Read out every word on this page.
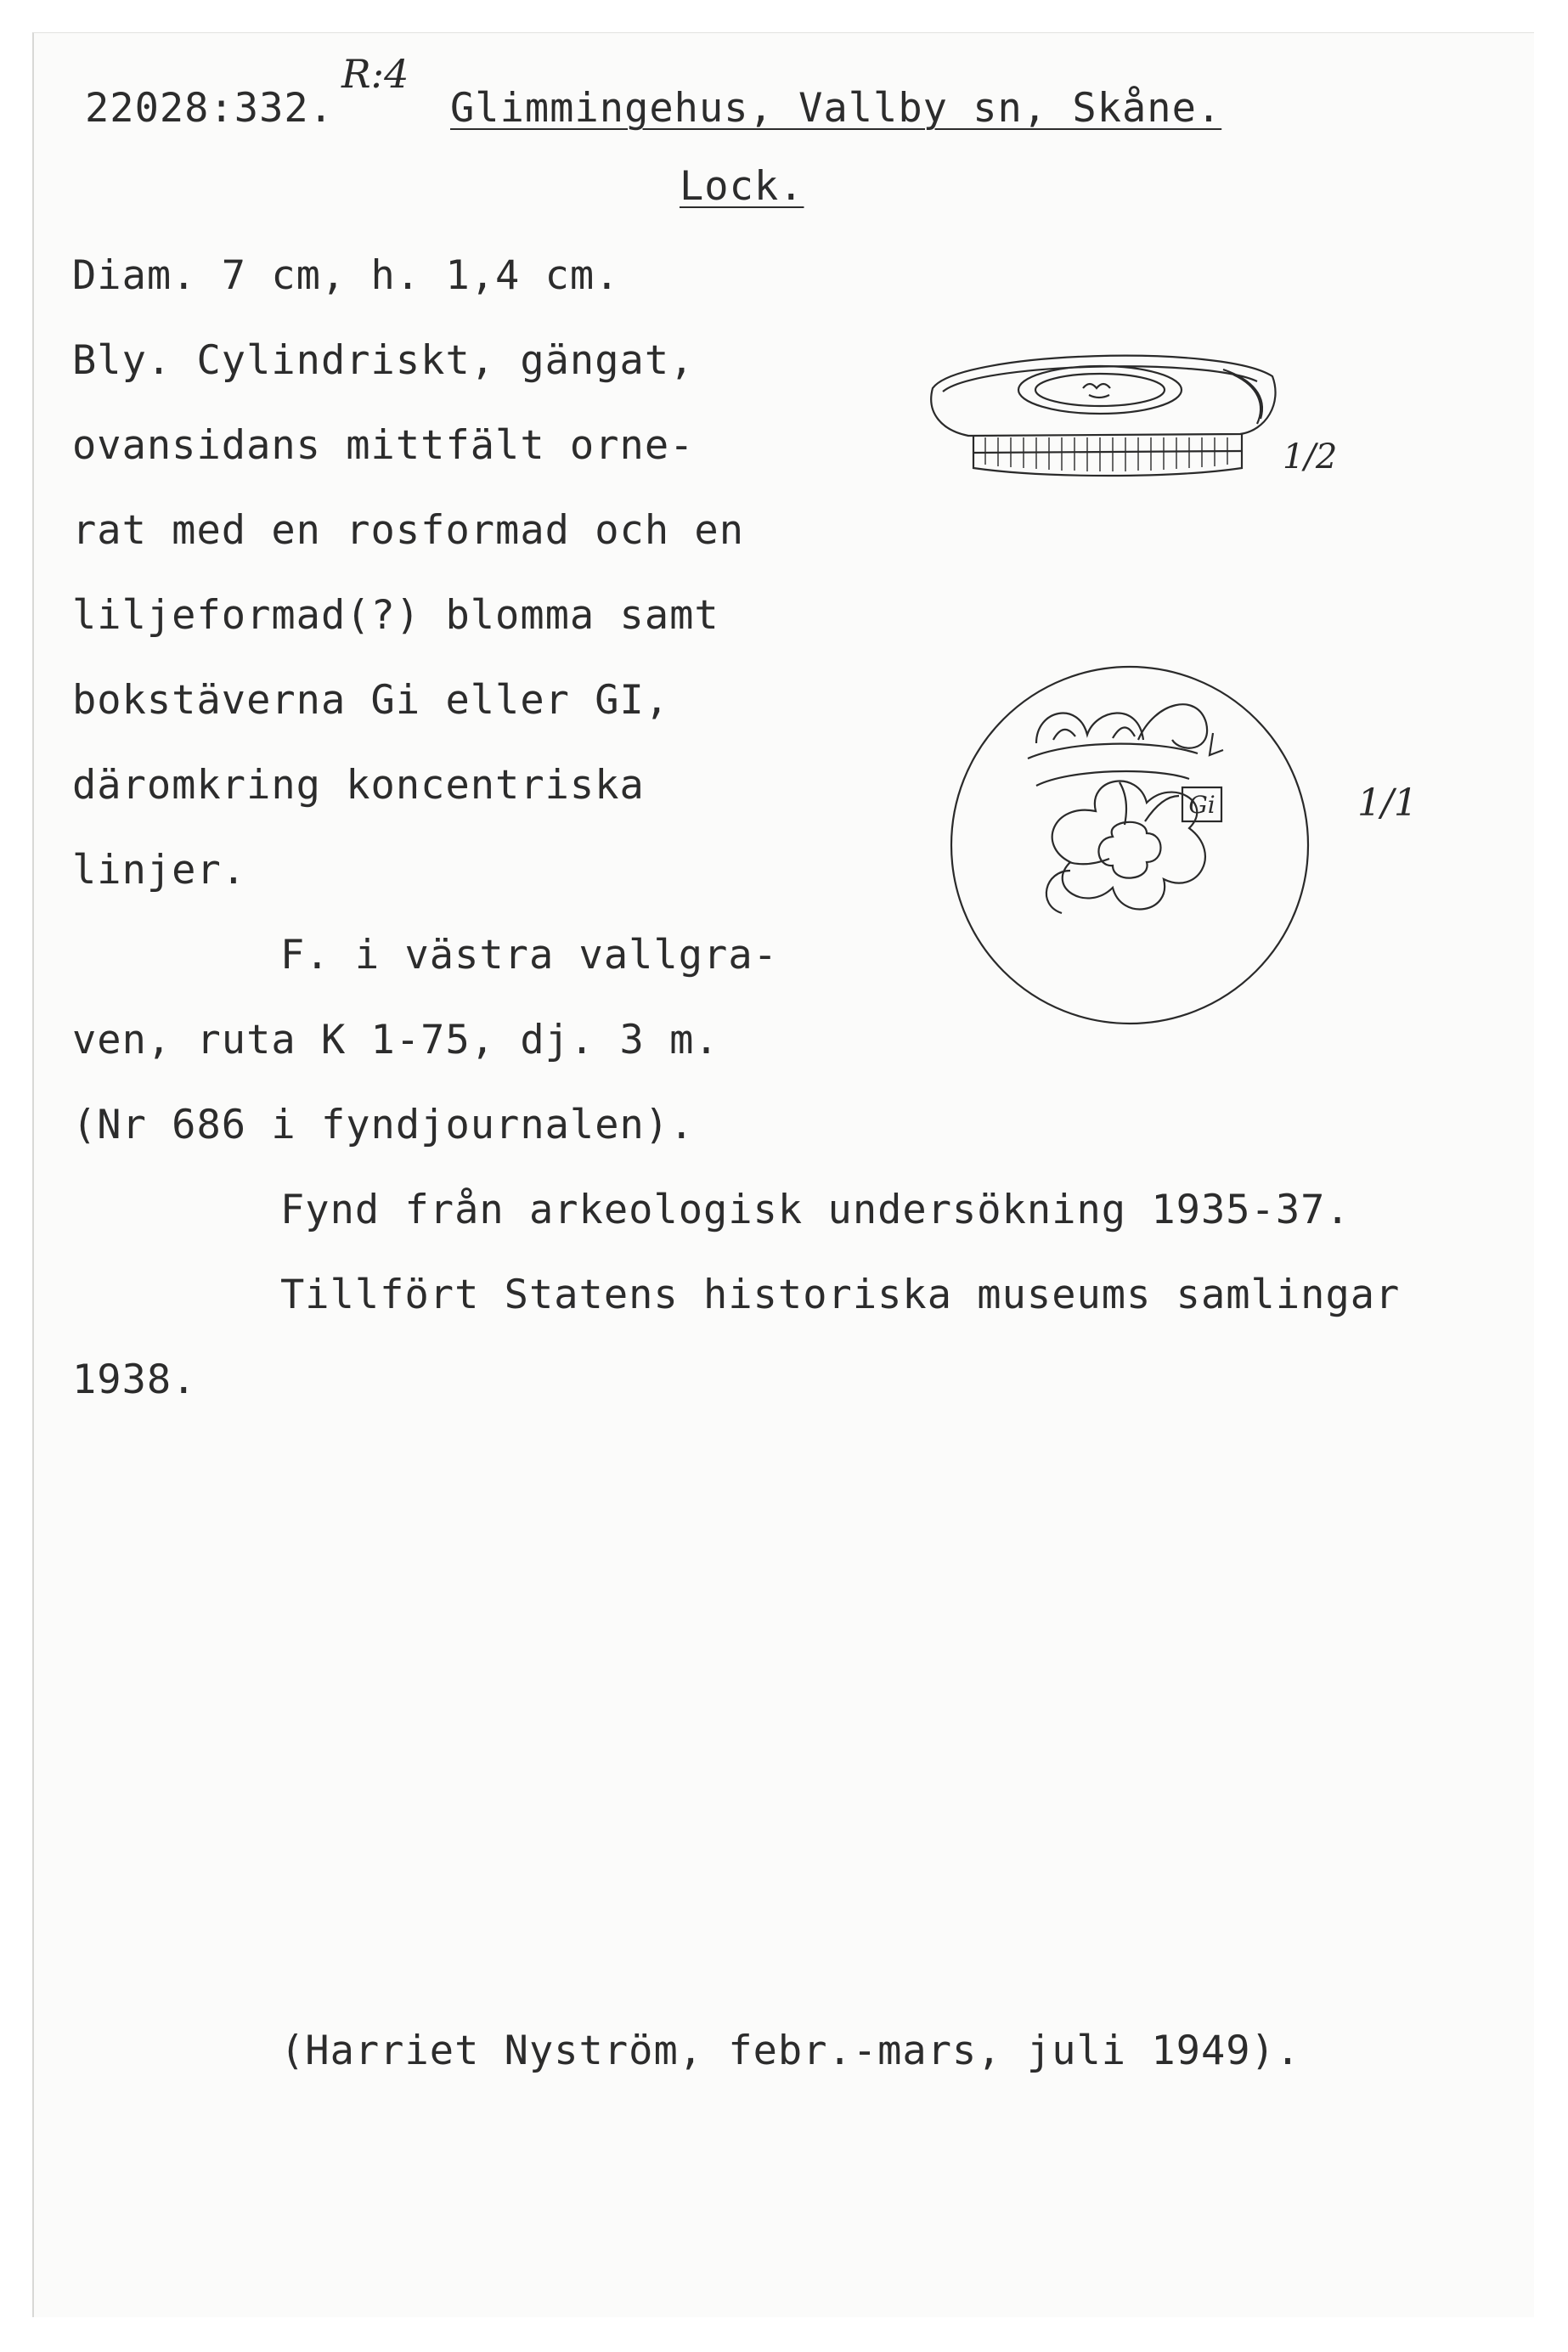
22028:332.

R:4

Glimmingehus, Vallby sn, Skåne.

Lock.

Diam. 7 cm, h. 1,4 cm.

Bly. Cylindriskt, gängat,

ovansidans mittfält orne-

rat med en rosformad och en

liljeformad(?) blomma samt

bokstäverna Gi eller GI,

däromkring koncentriska

linjer.

F. i västra vallgra-

ven, ruta K 1-75, dj. 3 m.

(Nr 686 i fyndjournalen).

Fynd från arkeologisk undersökning 1935-37.

Tillfört Statens historiska museums samlingar

1938.

(Harriet Nyström, febr.-mars, juli 1949).

1/2

Gi	1/1
